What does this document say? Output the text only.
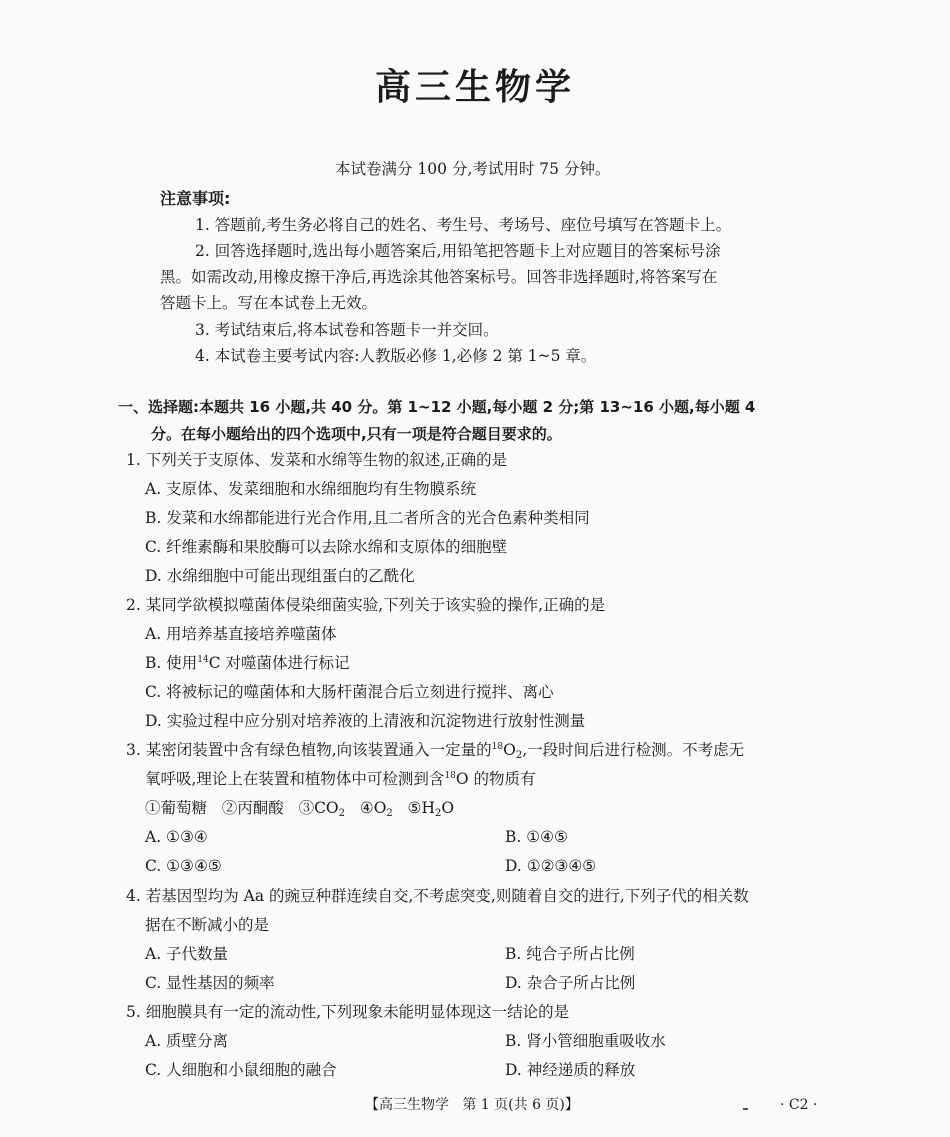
高三生物学
本试卷满分 100 分,考试用时 75 分钟。
注意事项:
1. 答题前,考生务必将自己的姓名、考生号、考场号、座位号填写在答题卡上。
2. 回答选择题时,选出每小题答案后,用铅笔把答题卡上对应题目的答案标号涂
黑。如需改动,用橡皮擦干净后,再选涂其他答案标号。回答非选择题时,将答案写在
答题卡上。写在本试卷上无效。
3. 考试结束后,将本试卷和答题卡一并交回。
4. 本试卷主要考试内容:人教版必修 1,必修 2 第 1~5 章。
一、选择题:本题共 16 小题,共 40 分。第 1~12 小题,每小题 2 分;第 13~16 小题,每小题 4
分。在每小题给出的四个选项中,只有一项是符合题目要求的。
1. 下列关于支原体、发菜和水绵等生物的叙述,正确的是
A. 支原体、发菜细胞和水绵细胞均有生物膜系统
B. 发菜和水绵都能进行光合作用,且二者所含的光合色素种类相同
C. 纤维素酶和果胶酶可以去除水绵和支原体的细胞壁
D. 水绵细胞中可能出现组蛋白的乙酰化
2. 某同学欲模拟噬菌体侵染细菌实验,下列关于该实验的操作,正确的是
A. 用培养基直接培养噬菌体
B. 使用$^{14}$C 对噬菌体进行标记
C. 将被标记的噬菌体和大肠杆菌混合后立刻进行搅拌、离心
D. 实验过程中应分别对培养液的上清液和沉淀物进行放射性测量
3. 某密闭装置中含有绿色植物,向该装置通入一定量的$^{18}O_2$,一段时间后进行检测。不考虑无
氧呼吸,理论上在装置和植物体中可检测到含$^{18}$O 的物质有
①葡萄糖   ②丙酮酸   $③CO_2$   $④O_2$   $⑤H_2O$
A. ①③④	B. ①④⑤
C. ①③④⑤	D. ①②③④⑤
4. 若基因型均为 Aa 的豌豆种群连续自交,不考虑突变,则随着自交的进行,下列子代的相关数
据在不断减小的是
A. 子代数量	B. 纯合子所占比例
C. 显性基因的频率	D. 杂合子所占比例
5. 细胞膜具有一定的流动性,下列现象未能明显体现这一结论的是
A. 质壁分离	B. 肾小管细胞重吸收水
C. 人细胞和小鼠细胞的融合	D. 神经递质的释放
【高三生物学   第 1 页(共 6 页)】	· C2 ·
